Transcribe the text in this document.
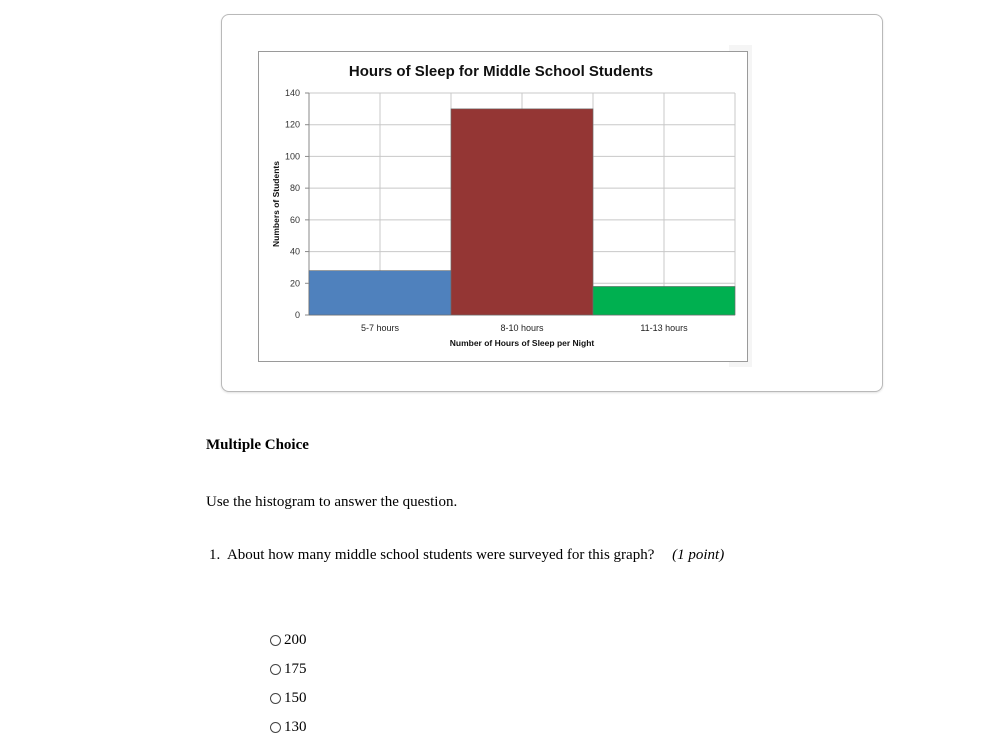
Hours of Sleep for Middle School Students
0
20
40
60
80
100
120
140
5-7 hours	8-10 hours	11-13 hours
Number of Hours of Sleep per Night
Numbers of Students
Multiple Choice
Use the histogram to answer the question.
1. About how many middle school students were surveyed for this graph? (1 point)
200
175
150
130
